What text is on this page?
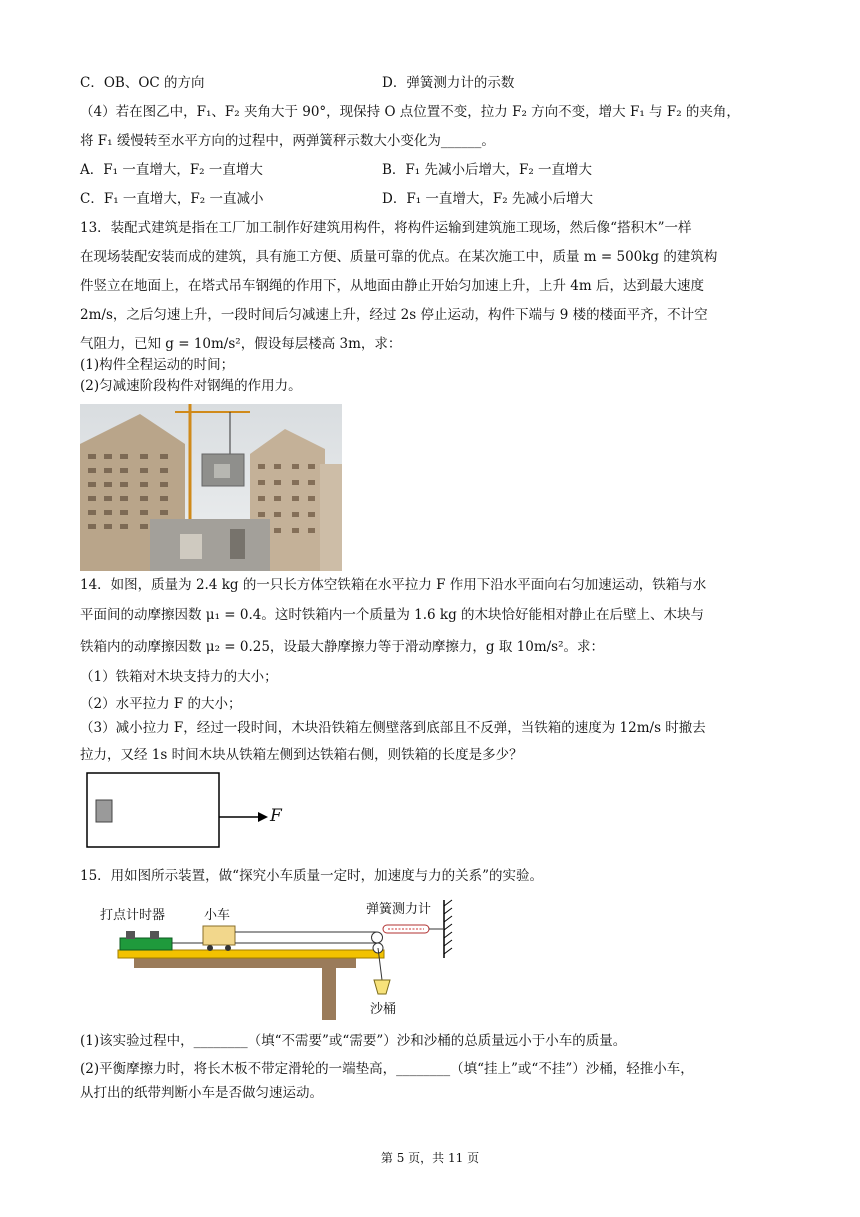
C．OB、OC 的方向	D．弹簧测力计的示数
（4）若在图乙中，F₁、F₂ 夹角大于 90°，现保持 O 点位置不变，拉力 F₂ 方向不变，增大 F₁ 与 F₂ 的夹角，
将 F₁ 缓慢转至水平方向的过程中，两弹簧秤示数大小变化为______。
A．F₁ 一直增大，F₂ 一直增大	B．F₁ 先减小后增大，F₂ 一直增大
C．F₁ 一直增大，F₂ 一直减小	D．F₁ 一直增大，F₂ 先减小后增大
13．装配式建筑是指在工厂加工制作好建筑用构件，将构件运输到建筑施工现场，然后像“搭积木”一样
在现场装配安装而成的建筑，具有施工方便、质量可靠的优点。在某次施工中，质量 m = 500kg 的建筑构
件竖立在地面上，在塔式吊车钢绳的作用下，从地面由静止开始匀加速上升，上升 4m 后，达到最大速度
2m/s，之后匀速上升，一段时间后匀减速上升，经过 2s 停止运动，构件下端与 9 楼的楼面平齐，不计空
气阻力，已知 g = 10m/s²，假设每层楼高 3m，求：
(1)构件全程运动的时间；
(2)匀减速阶段构件对钢绳的作用力。
14．如图，质量为 2.4 kg 的一只长方体空铁箱在水平拉力 F 作用下沿水平面向右匀加速运动，铁箱与水
平面间的动摩擦因数 μ₁ = 0.4。这时铁箱内一个质量为 1.6 kg 的木块恰好能相对静止在后壁上、木块与
铁箱内的动摩擦因数 μ₂ = 0.25，设最大静摩擦力等于滑动摩擦力，g 取 10m/s²。求：
（1）铁箱对木块支持力的大小；
（2）水平拉力 F 的大小；
（3）减小拉力 F，经过一段时间，木块沿铁箱左侧壁落到底部且不反弹，当铁箱的速度为 12m/s 时撤去
拉力，又经 1s 时间木块从铁箱左侧到达铁箱右侧，则铁箱的长度是多少？
F
15．用如图所示装置，做“探究小车质量一定时，加速度与力的关系”的实验。
打点计时器	小车	弹簧测力计
沙桶
(1)该实验过程中，________（填“不需要”或“需要”）沙和沙桶的总质量远小于小车的质量。
(2)平衡摩擦力时，将长木板不带定滑轮的一端垫高，________（填“挂上”或“不挂”）沙桶，轻推小车，
从打出的纸带判断小车是否做匀速运动。
第 5 页，共 11 页
